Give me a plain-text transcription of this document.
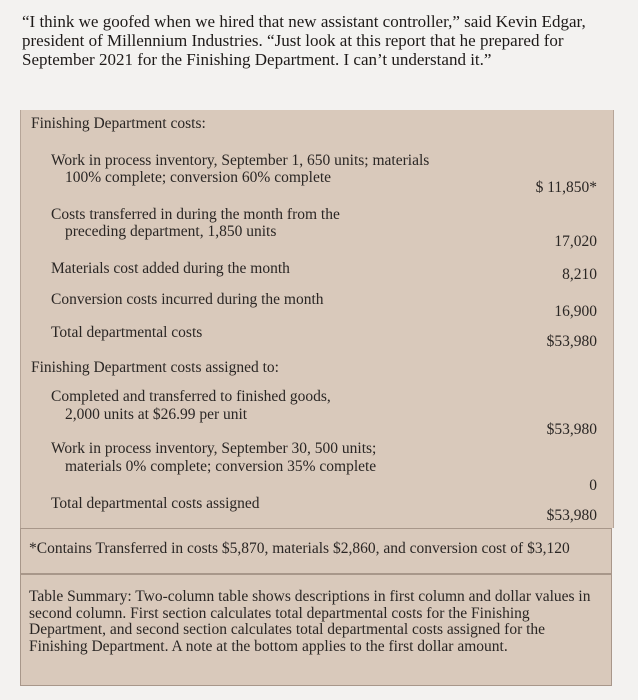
“I think we goofed when we hired that new assistant controller,” said Kevin Edgar, president of Millennium Industries. “Just look at this report that he prepared for September 2021 for the Finishing Department. I can’t understand it.”
Finishing Department costs:
Work in process inventory, September 1, 650 units; materials
100% complete; conversion 60% complete
$ 11,850*
Costs transferred in during the month from the
preceding department, 1,850 units
17,020
Materials cost added during the month	8,210
Conversion costs incurred during the month
16,900
Total departmental costs
$53,980
Finishing Department costs assigned to:
Completed and transferred to finished goods,
2,000 units at $26.99 per unit
$53,980
Work in process inventory, September 30, 500 units;
materials 0% complete; conversion 35% complete
0
Total departmental costs assigned
$53,980
*Contains Transferred in costs $5,870, materials $2,860, and conversion cost of $3,120
Table Summary: Two-column table shows descriptions in first column and dollar values in second column. First section calculates total departmental costs for the Finishing Department, and second section calculates total departmental costs assigned for the Finishing Department. A note at the bottom applies to the first dollar amount.
